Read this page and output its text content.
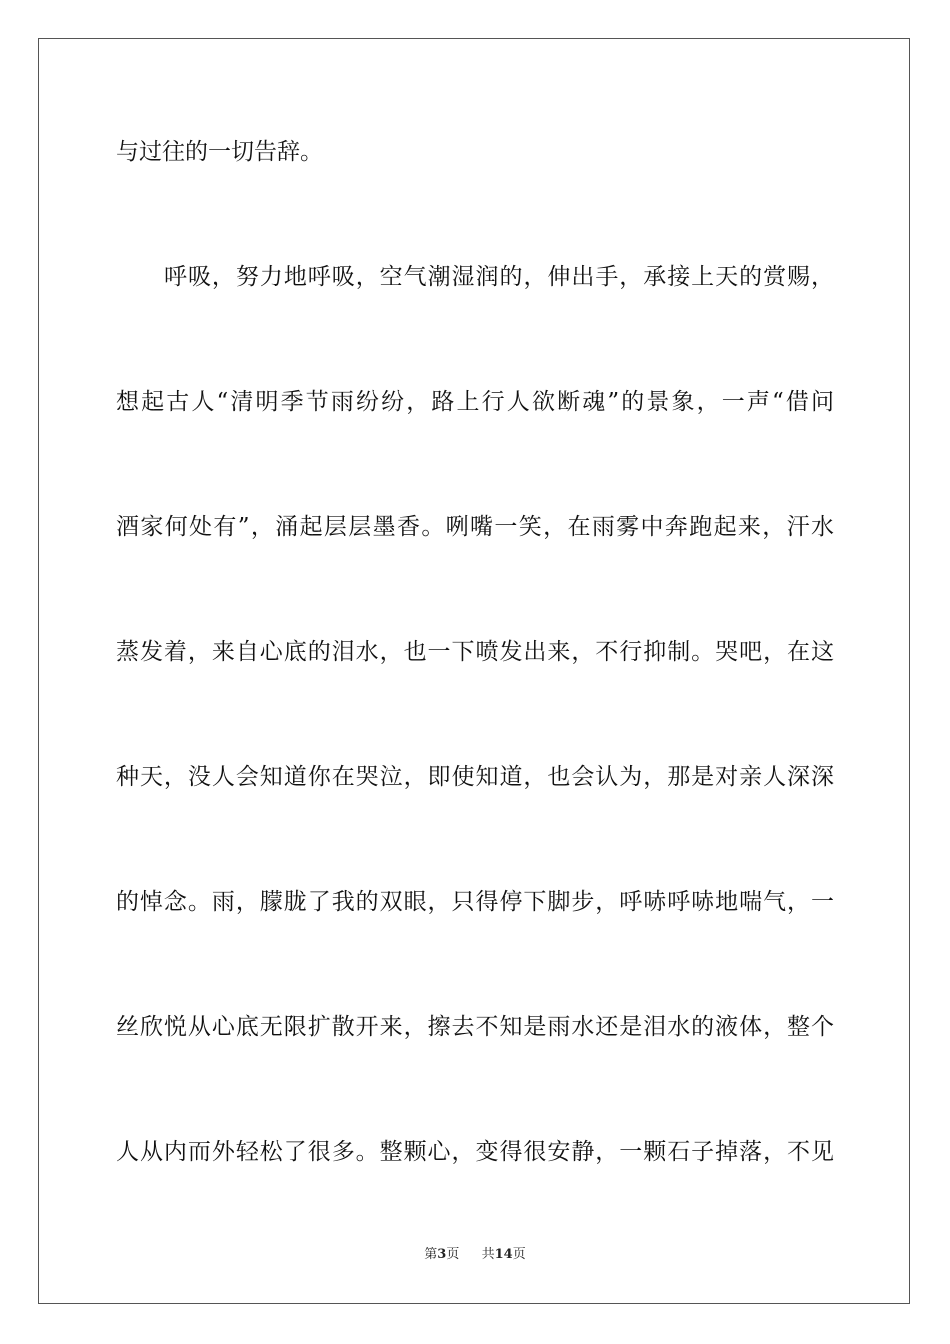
与过往的一切告辞。
呼吸，努力地呼吸，空气潮湿润的，伸出手，承接上天的赏赐，
想起古人“清明季节雨纷纷，路上行人欲断魂”的景象，一声“借问
酒家何处有”，涌起层层墨香。咧嘴一笑，在雨雾中奔跑起来，汗水
蒸发着，来自心底的泪水，也一下喷发出来，不行抑制。哭吧，在这
种天，没人会知道你在哭泣，即使知道，也会认为，那是对亲人深深
的悼念。雨，朦胧了我的双眼，只得停下脚步，呼哧呼哧地喘气，一
丝欣悦从心底无限扩散开来，擦去不知是雨水还是泪水的液体，整个
人从内而外轻松了很多。整颗心，变得很安静，一颗石子掉落，不见
第3页 共14页
